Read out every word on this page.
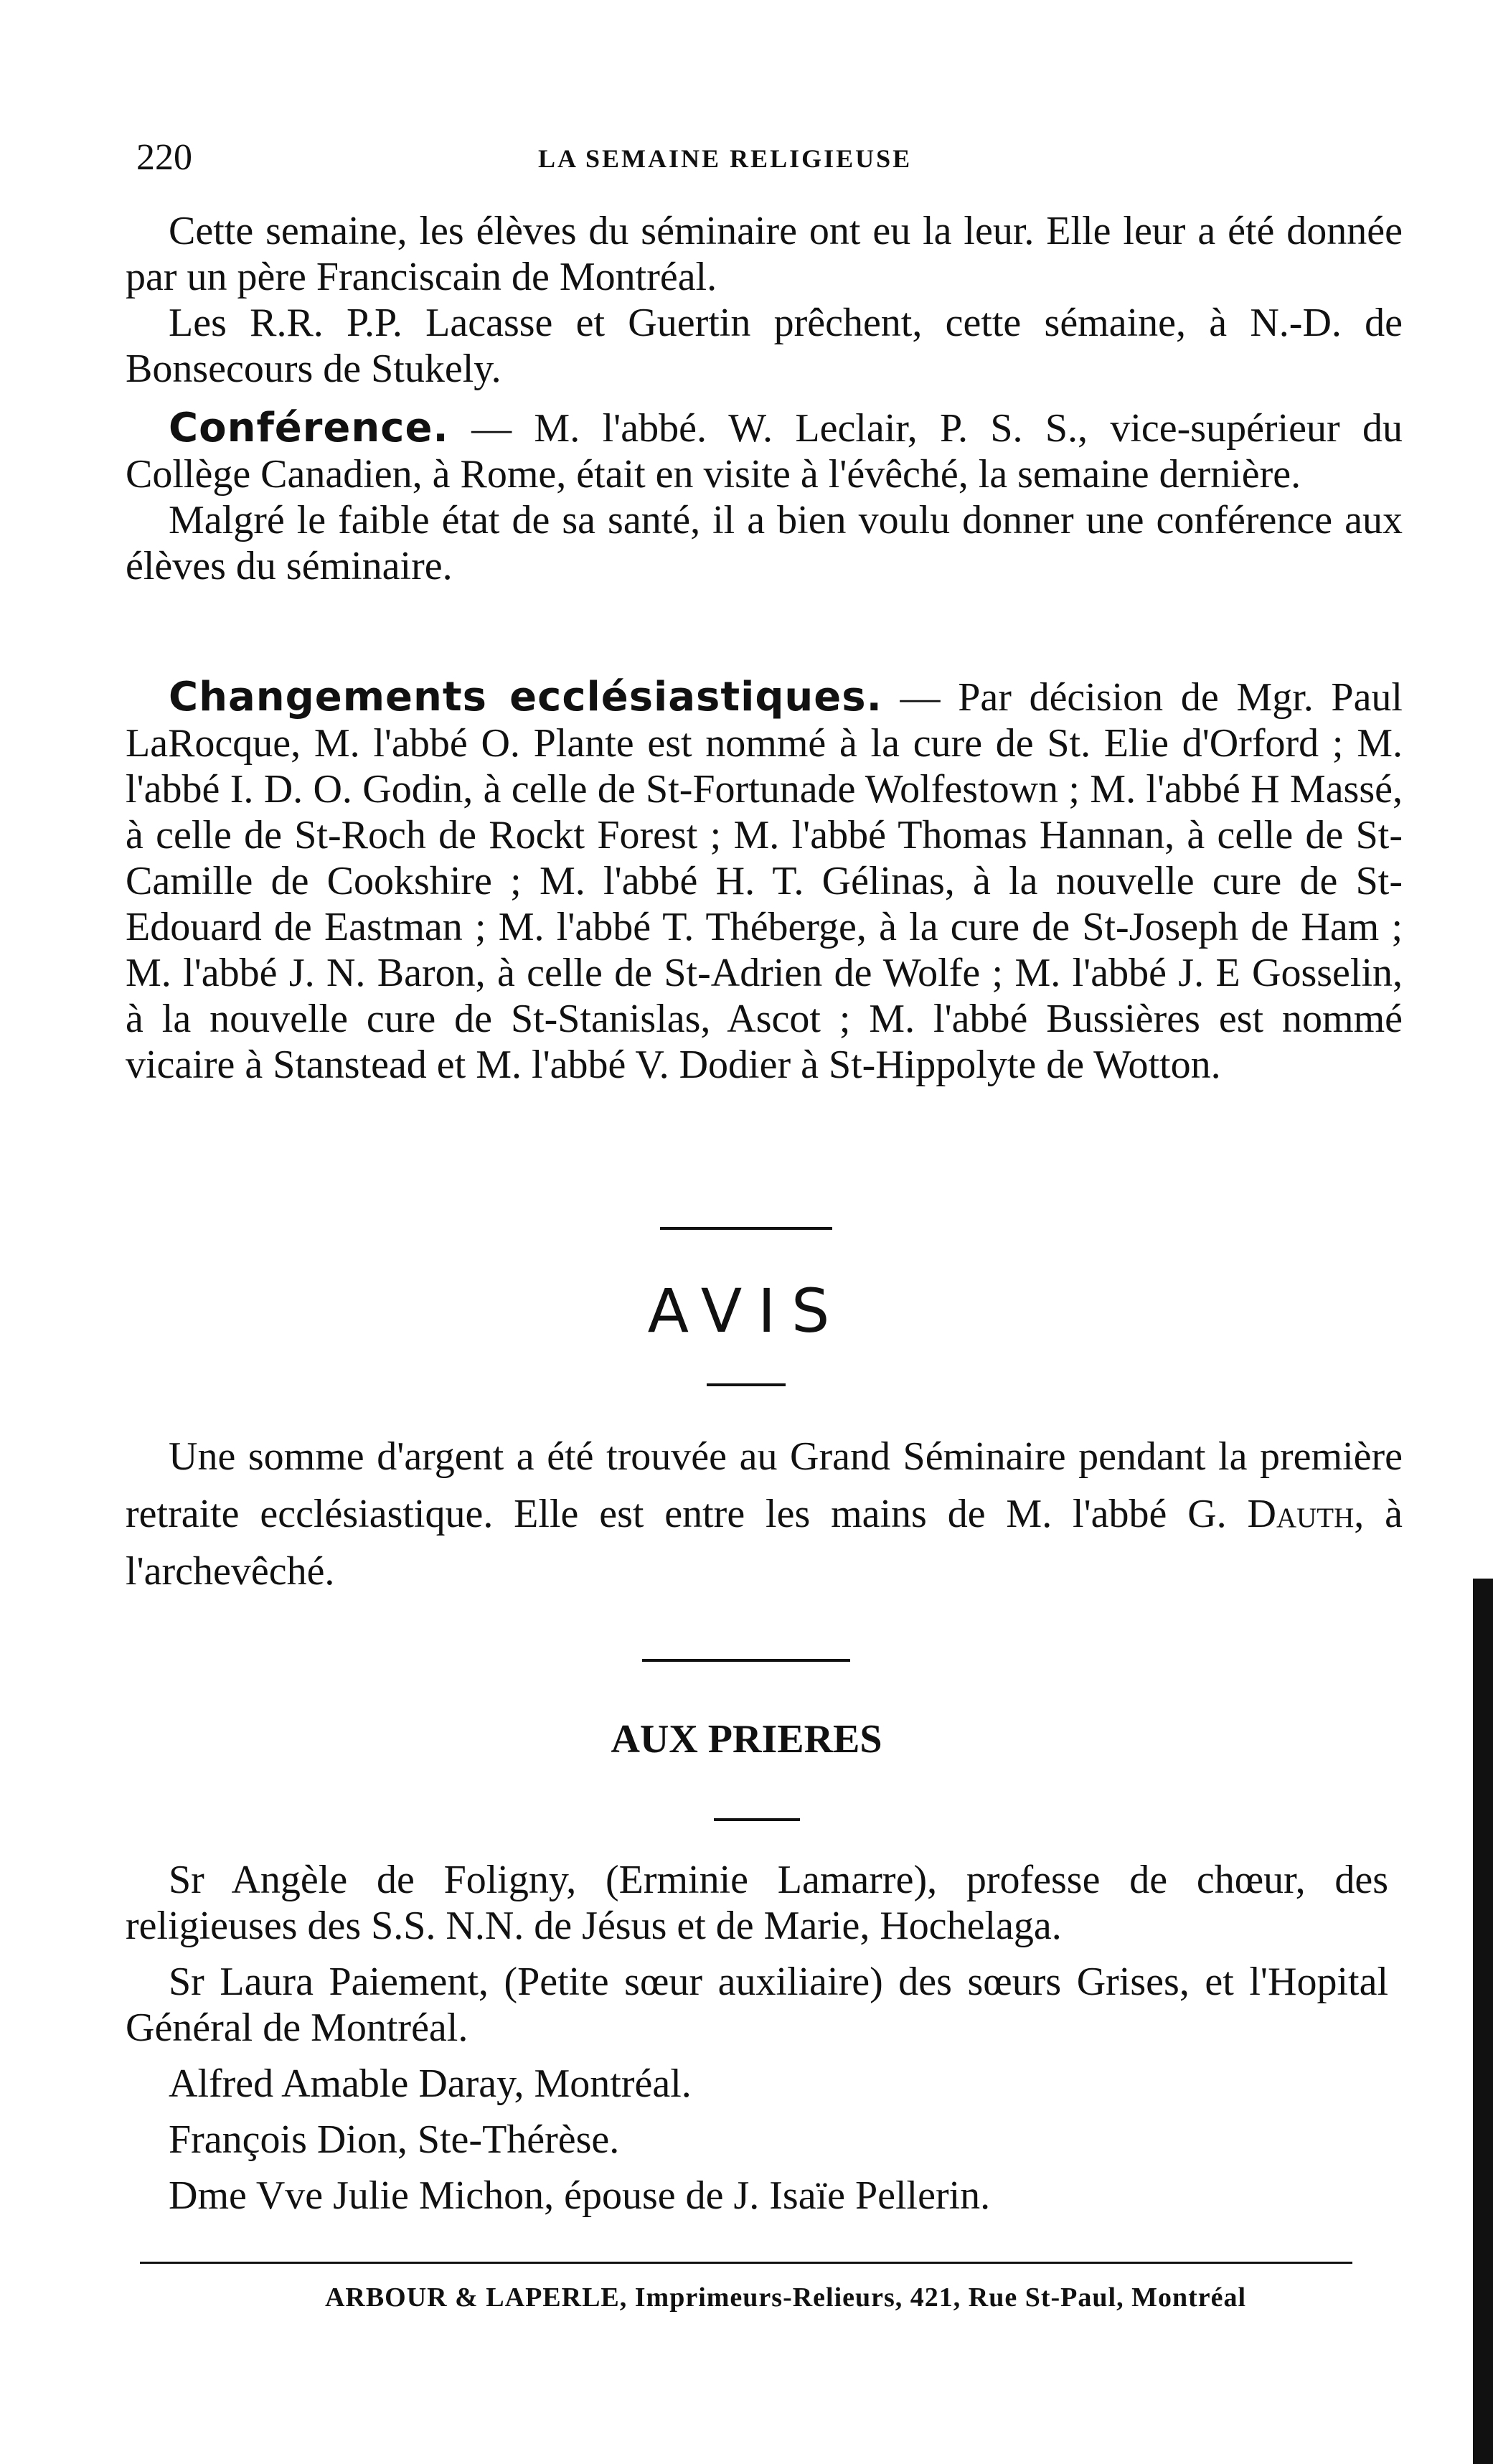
220	LA SEMAINE RELIGIEUSE

Cette semaine, les élèves du séminaire ont eu la leur. Elle leur a été donnée par un père Franciscain de Montréal.

Les R.R. P.P. Lacasse et Guertin prêchent, cette sémaine, à N.-D. de Bonsecours de Stukely.

Conférence. — M. l'abbé. W. Leclair, P. S. S., vice-supérieur du Collège Canadien, à Rome, était en visite à l'évêché, la semaine dernière.

Malgré le faible état de sa santé, il a bien voulu donner une conférence aux élèves du séminaire.

Changements ecclésiastiques. — Par décision de Mgr. Paul LaRocque, M. l'abbé O. Plante est nommé à la cure de St. Elie d'Orford ; M. l'abbé I. D. O. Godin, à celle de St-Fortunade Wolfestown ; M. l'abbé H Massé, à celle de St-Roch de Rockt Forest ; M. l'abbé Thomas Hannan, à celle de St-Camille de Cookshire ; M. l'abbé H. T. Gélinas, à la nouvelle cure de St-Edouard de Eastman ; M. l'abbé T. Théberge, à la cure de St-Joseph de Ham ; M. l'abbé J. N. Baron, à celle de St-Adrien de Wolfe ; M. l'abbé J. E Gosselin, à la nouvelle cure de St-Stanislas, Ascot ; M. l'abbé Bussières est nommé vicaire à Stanstead et M. l'abbé V. Dodier à St-Hippolyte de Wotton.

AVIS

Une somme d'argent a été trouvée au Grand Séminaire pendant la première retraite ecclésiastique. Elle est entre les mains de M. l'abbé G. Dauth, à l'archevêché.

AUX PRIERES

Sr Angèle de Foligny, (Erminie Lamarre), professe de chœur, des religieuses des S.S. N.N. de Jésus et de Marie, Hochelaga.

Sr Laura Paiement, (Petite sœur auxiliaire) des sœurs Grises, et l'Hopital Général de Montréal.

Alfred Amable Daray, Montréal.

François Dion, Ste-Thérèse.

Dme Vve Julie Michon, épouse de J. Isaïe Pellerin.

ARBOUR & LAPERLE, Imprimeurs-Relieurs, 421, Rue St-Paul, Montréal
